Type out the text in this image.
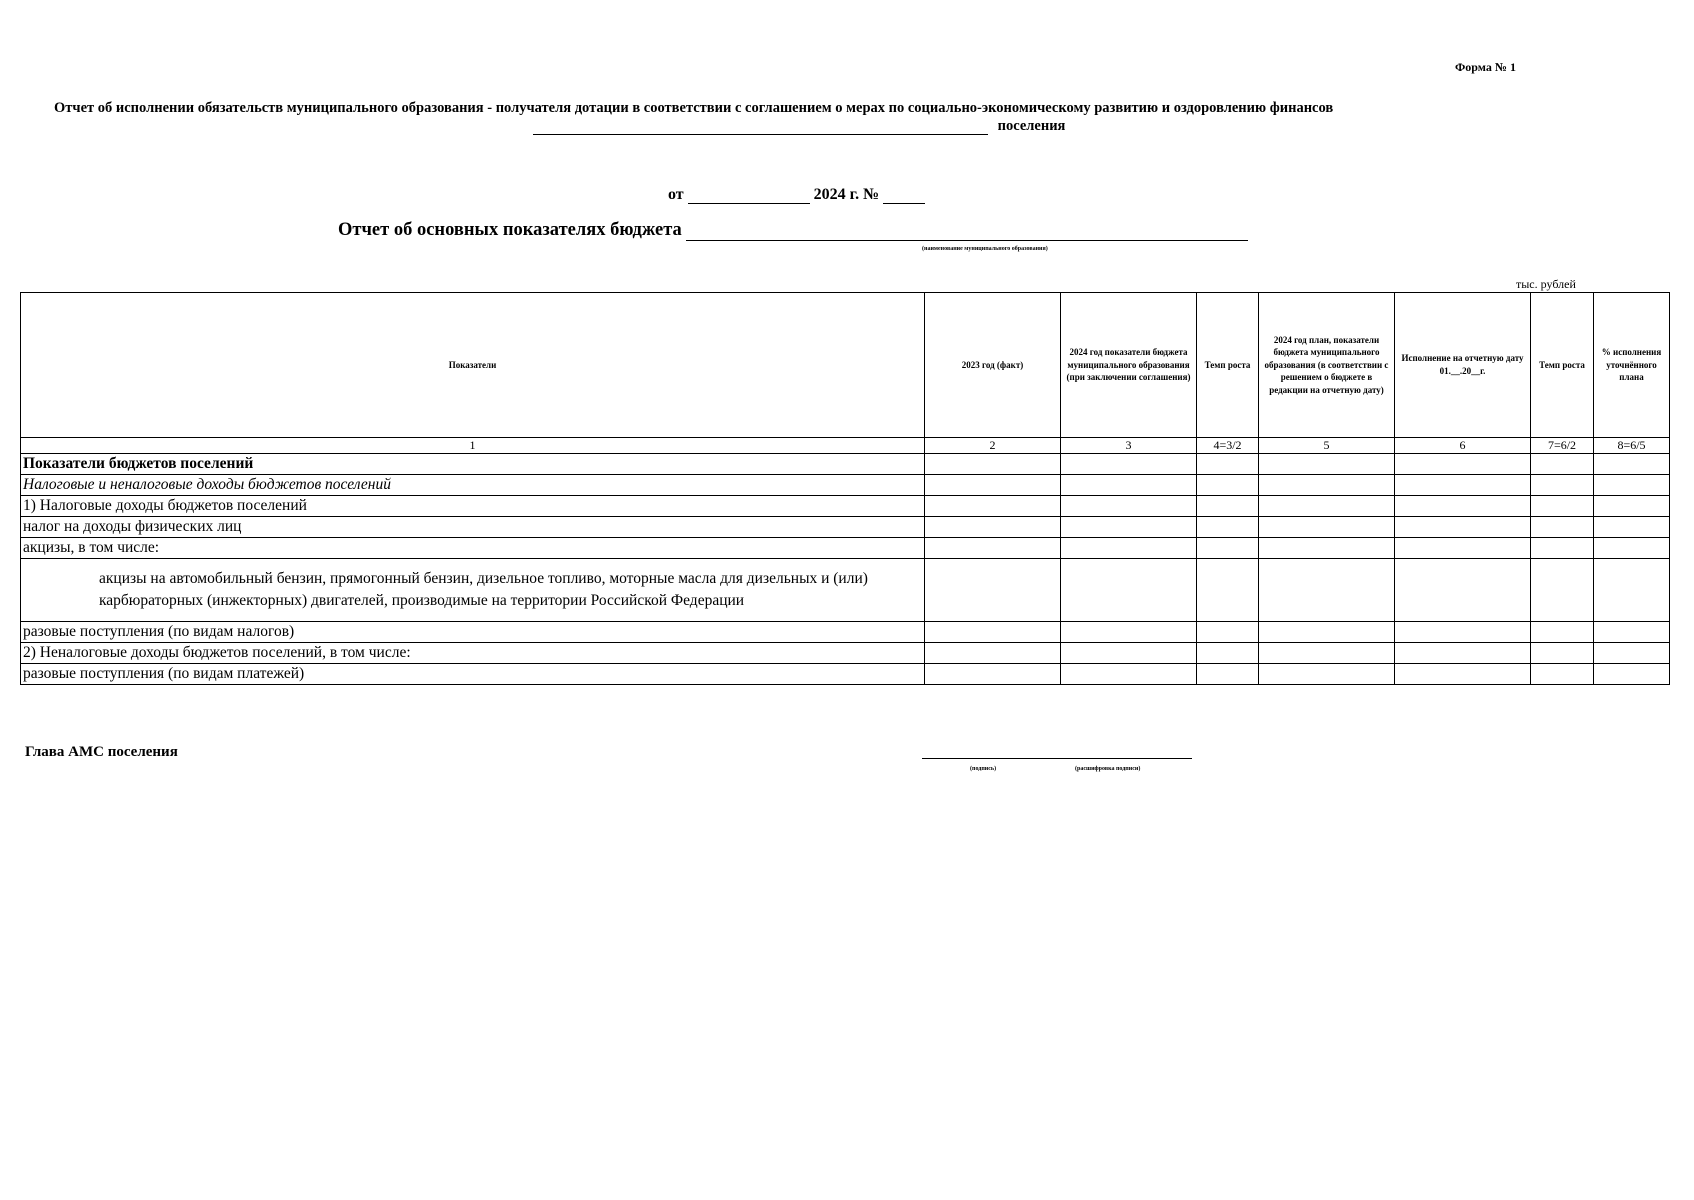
Форма № 1
Отчет об исполнении обязательств муниципального образования - получателя дотации в соответствии с соглашением о мерах по социально-экономическому развитию и оздоровлению финансов
поселения
от	2024 г. №
Отчет об основных показателях бюджета
(наименование муниципального образования)
тыс. рублей
Показатели	2023 год (факт)	2024 год показатели бюджета муниципального образования (при заключении соглашения)	Темп роста	2024 год план, показатели бюджета муниципального образования (в соответствии с решением о бюджете в редакции на отчетную дату)	Исполнение на отчетную дату 01.__.20__г.	Темп роста	% исполнения уточнённого плана
1	2	3	4=3/2	5	6	7=6/2	8=6/5
Показатели бюджетов поселений							
Налоговые и неналоговые доходы бюджетов поселений							
1) Налоговые доходы бюджетов поселений							
налог на доходы физических лиц							
акцизы, в том числе:							
акцизы на автомобильный бензин, прямогонный бензин, дизельное топливо, моторные масла для дизельных и (или) карбюраторных (инжекторных) двигателей, производимые на территории Российской Федерации							
разовые поступления (по видам налогов)							
2) Неналоговые доходы бюджетов поселений, в том числе:							
разовые поступления (по видам платежей)							
Глава АМС поселения
(подпись)	(расшифровка подписи)
